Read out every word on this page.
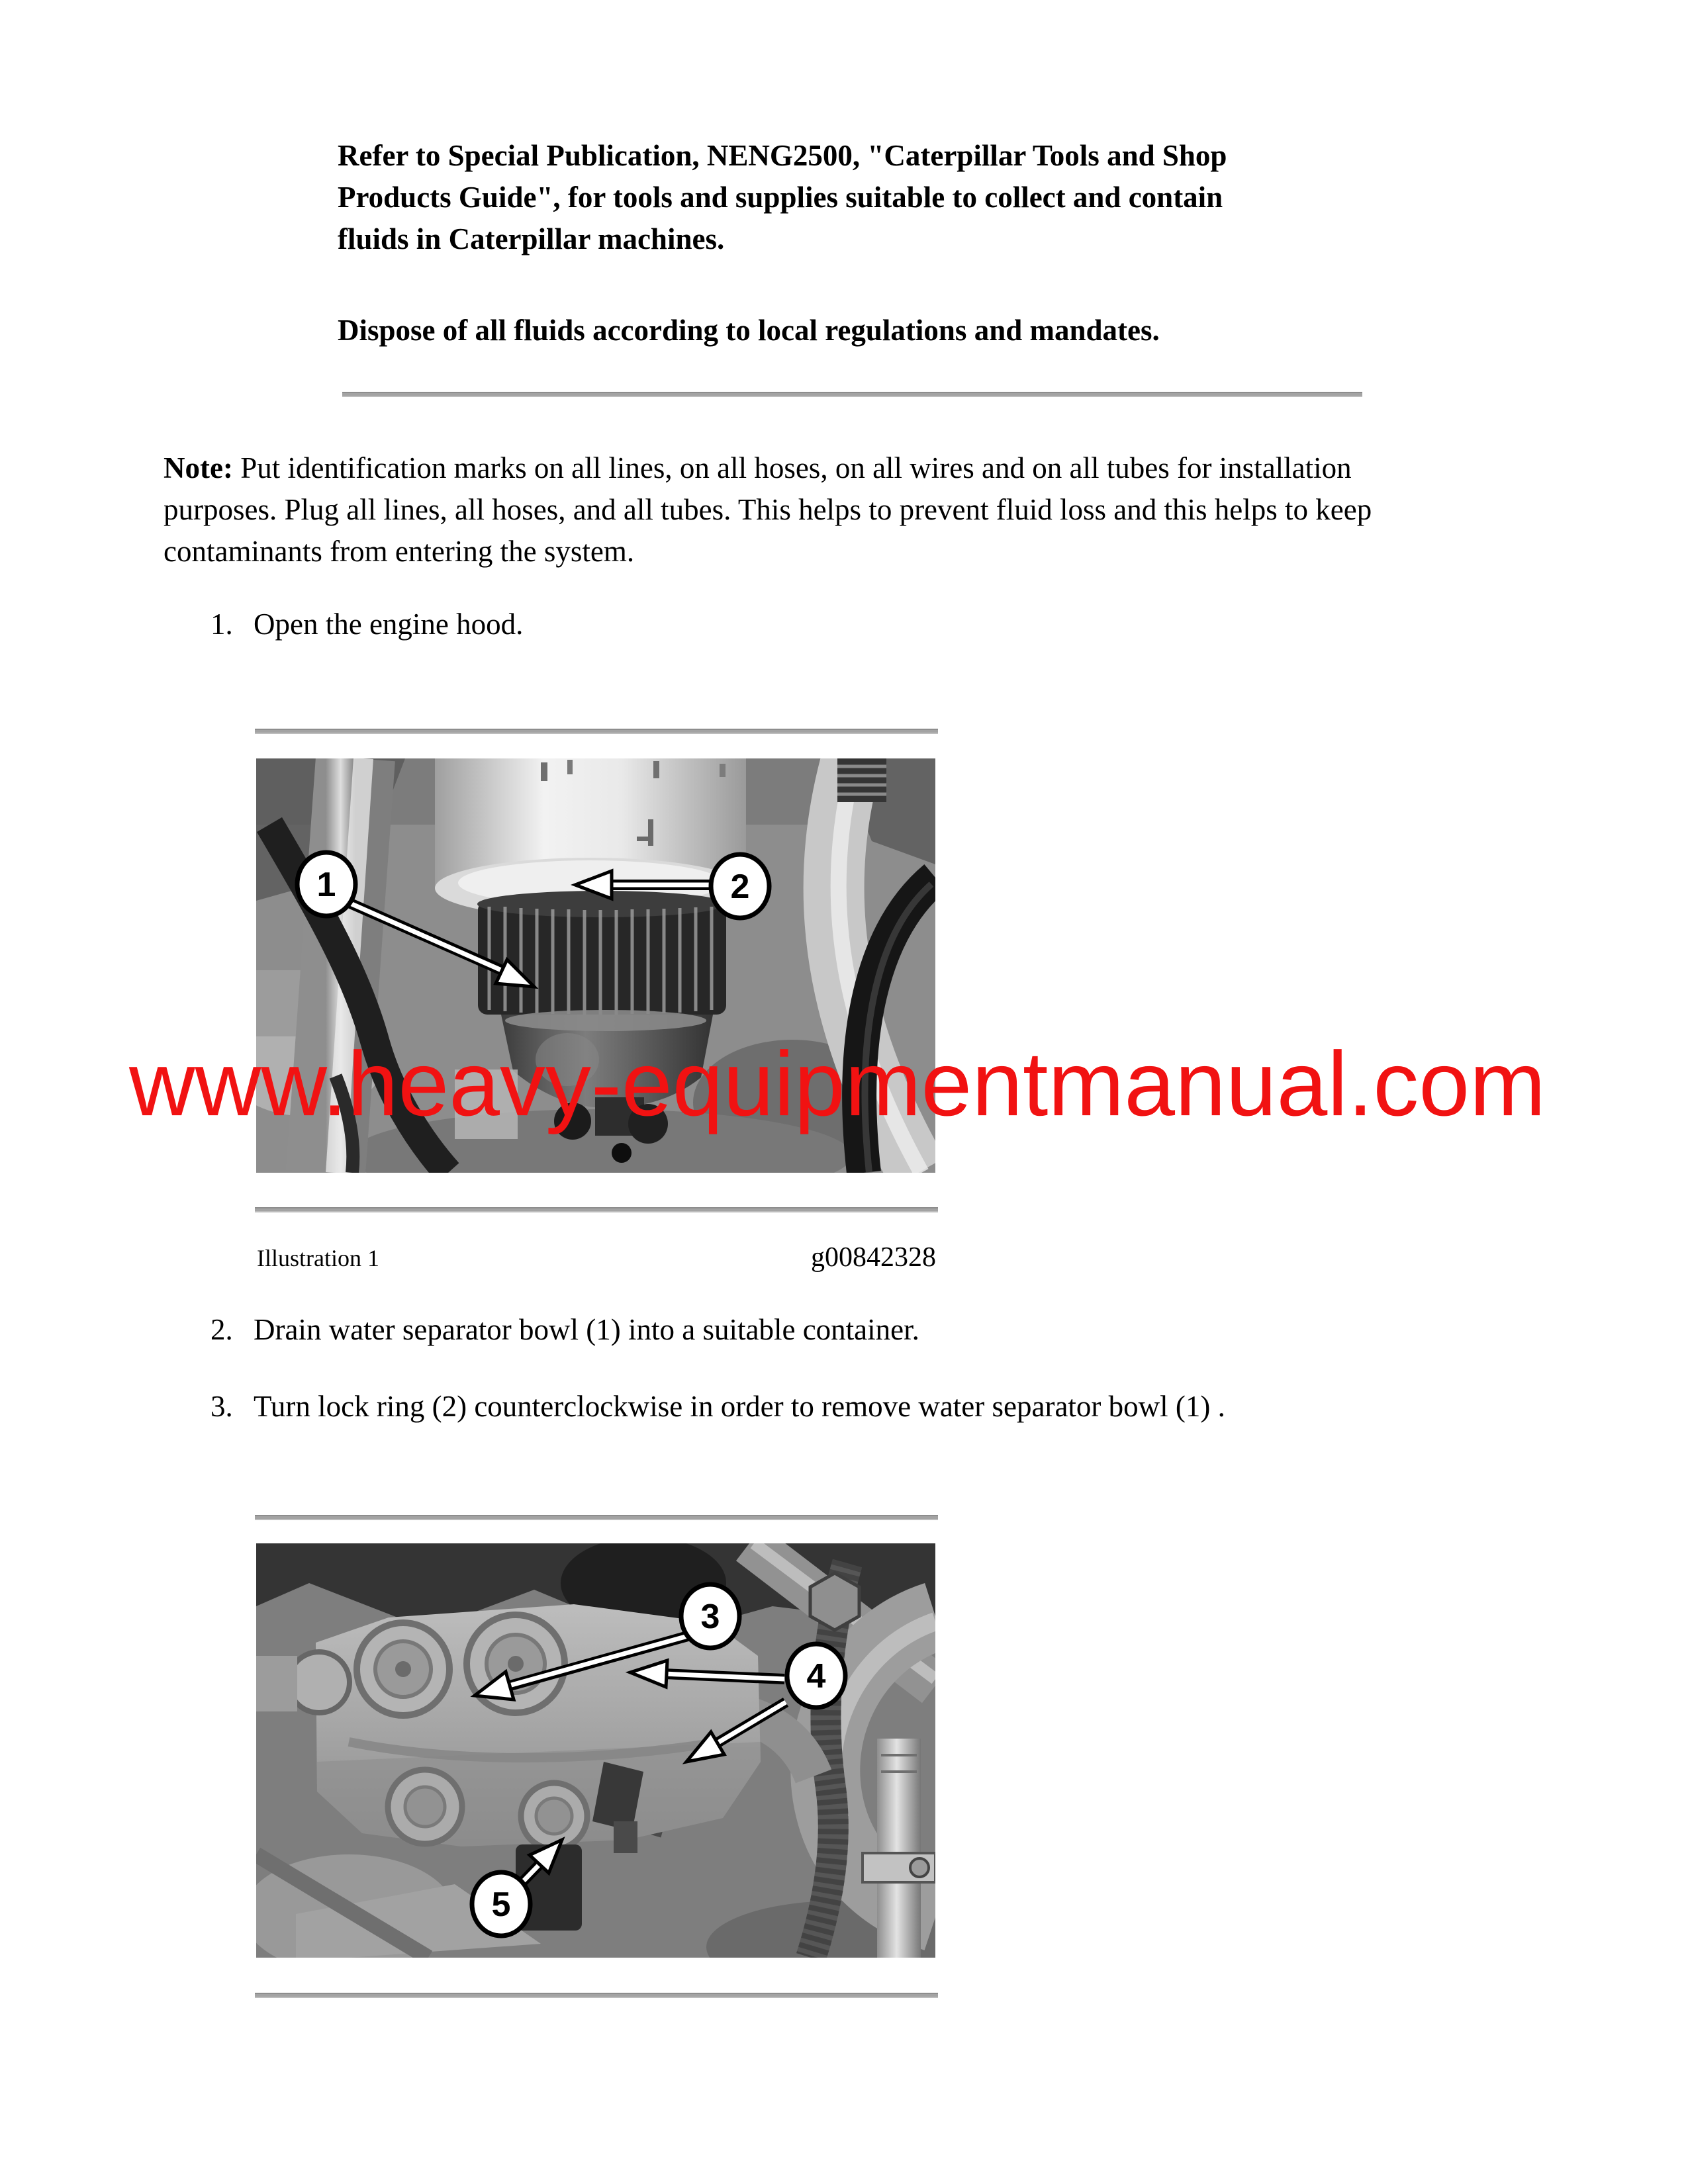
Refer to Special Publication, NENG2500, "Caterpillar Tools and Shop
Products Guide", for tools and supplies suitable to collect and contain
fluids in Caterpillar machines.
Dispose of all fluids according to local regulations and mandates.
Note: Put identification marks on all lines, on all hoses, on all wires and on all tubes for installation
purposes. Plug all lines, all hoses, and all tubes. This helps to prevent fluid loss and this helps to keep
contaminants from entering the system.
1. Open the engine hood.
1	2
Illustration 1	g00842328
2. Drain water separator bowl (1) into a suitable container.
3. Turn lock ring (2) counterclockwise in order to remove water separator bowl (1) .
3
4
5
www.heavy-equipmentmanual.com
